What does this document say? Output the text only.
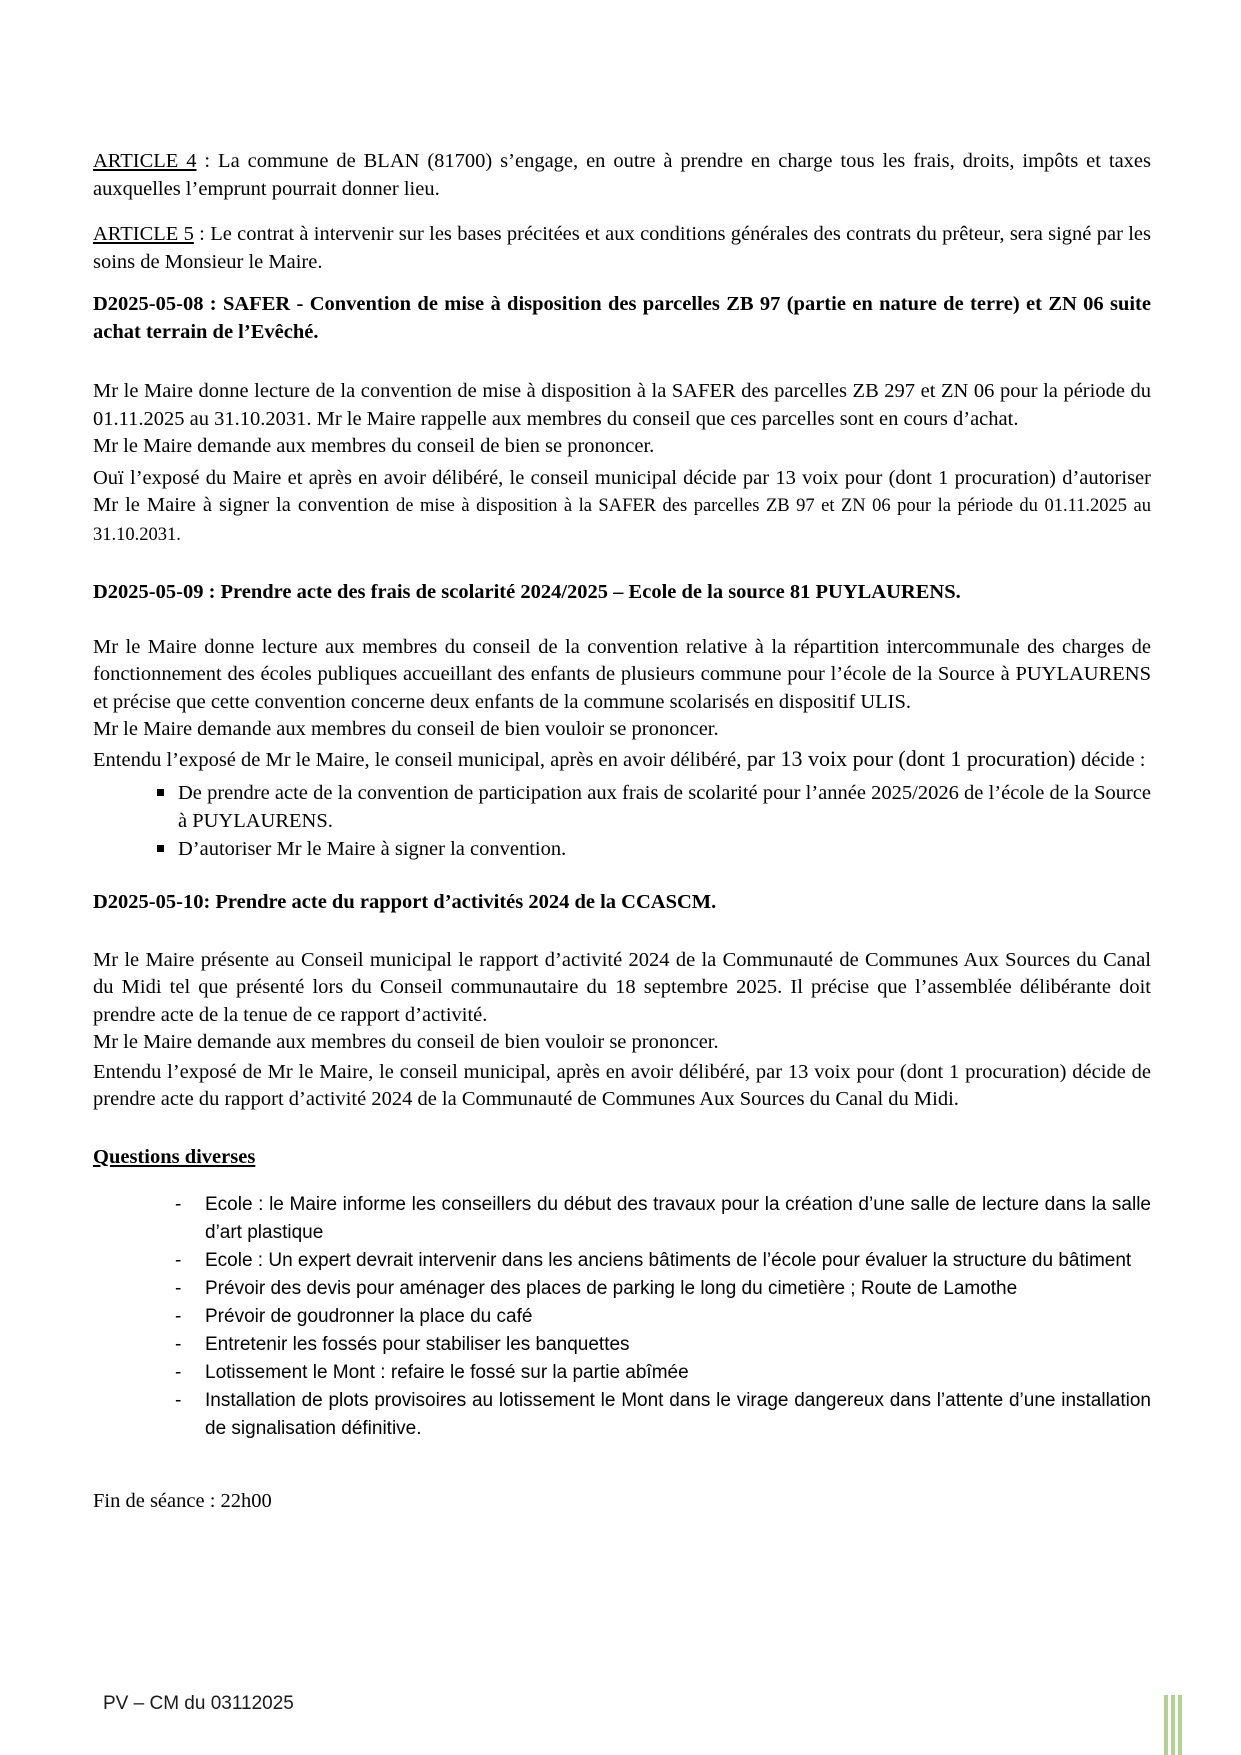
ARTICLE 4 : La commune de BLAN (81700) s’engage, en outre à prendre en charge tous les frais, droits, impôts et taxes auxquelles l’emprunt pourrait donner lieu.

ARTICLE 5 : Le contrat à intervenir sur les bases précitées et aux conditions générales des contrats du prêteur, sera signé par les soins de Monsieur le Maire.

D2025-05-08 : SAFER - Convention de mise à disposition des parcelles ZB 97 (partie en nature de terre) et ZN 06 suite achat terrain de l’Evêché.

Mr le Maire donne lecture de la convention de mise à disposition à la SAFER des parcelles ZB 297 et ZN 06 pour la période du 01.11.2025 au 31.10.2031. Mr le Maire rappelle aux membres du conseil que ces parcelles sont en cours d’achat.

Mr le Maire demande aux membres du conseil de bien se prononcer.

Ouï l’exposé du Maire et après en avoir délibéré, le conseil municipal décide par 13 voix pour (dont 1 procuration) d’autoriser Mr le Maire à signer la convention de mise à disposition à la SAFER des parcelles ZB 97 et ZN 06 pour la période du 01.11.2025 au 31.10.2031.

D2025-05-09 : Prendre acte des frais de scolarité 2024/2025 – Ecole de la source 81 PUYLAURENS.

Mr le Maire donne lecture aux membres du conseil de la convention relative à la répartition intercommunale des charges de fonctionnement des écoles publiques accueillant des enfants de plusieurs commune pour l’école de la Source à PUYLAURENS et précise que cette convention concerne deux enfants de la commune scolarisés en dispositif ULIS.

Mr le Maire demande aux membres du conseil de bien vouloir se prononcer.

Entendu l’exposé de Mr le Maire, le conseil municipal, après en avoir délibéré, par 13 voix pour (dont 1 procuration) décide :

De prendre acte de la convention de participation aux frais de scolarité pour l’année 2025/2026 de l’école de la Source à PUYLAURENS.
D’autoriser Mr le Maire à signer la convention.

D2025-05-10: Prendre acte du rapport d’activités 2024 de la CCASCM.

Mr le Maire présente au Conseil municipal le rapport d’activité 2024 de la Communauté de Communes Aux Sources du Canal du Midi tel que présenté lors du Conseil communautaire du 18 septembre 2025. Il précise que l’assemblée délibérante doit prendre acte de la tenue de ce rapport d’activité.

Mr le Maire demande aux membres du conseil de bien vouloir se prononcer.

Entendu l’exposé de Mr le Maire, le conseil municipal, après en avoir délibéré, par 13 voix pour (dont 1 procuration) décide de prendre acte du rapport d’activité 2024 de la Communauté de Communes Aux Sources du Canal du Midi.

Questions diverses

- Ecole : le Maire informe les conseillers du début des travaux pour la création d’une salle de lecture dans la salle d’art plastique
- Ecole : Un expert devrait intervenir dans les anciens bâtiments de l’école pour évaluer la structure du bâtiment
- Prévoir des devis pour aménager des places de parking le long du cimetière ; Route de Lamothe
- Prévoir de goudronner la place du café
- Entretenir les fossés pour stabiliser les banquettes
- Lotissement le Mont : refaire le fossé sur la partie abîmée
- Installation de plots provisoires au lotissement le Mont dans le virage dangereux dans l’attente d’une installation de signalisation définitive.

Fin de séance : 22h00

PV – CM du 03112025
